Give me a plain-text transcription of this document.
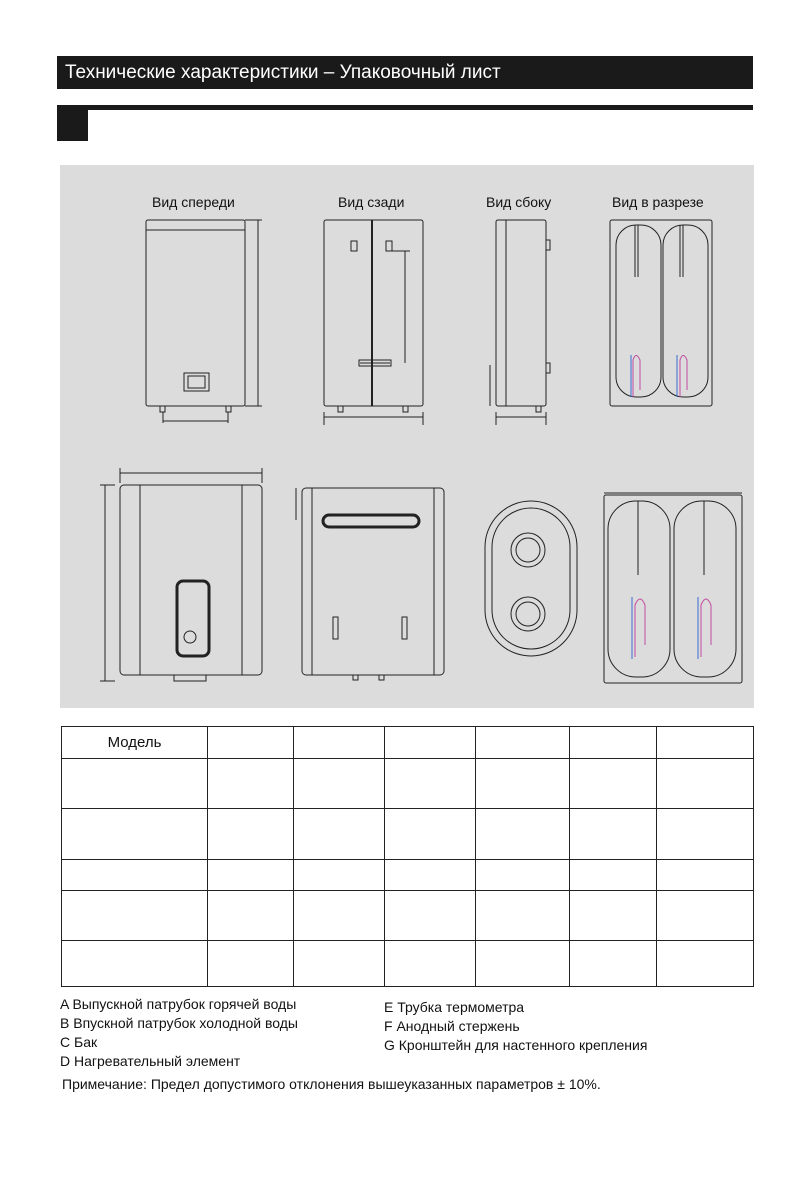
Технические характеристики – Упаковочный лист
Вид спереди	Вид сзади	Вид сбоку	Вид в разрезе
Модель						

A Выпускной патрубок горячей воды
B Впускной патрубок холодной воды
C Бак
D Нагревательный элемент
E Трубка термометра
F Анодный стержень
G Кронштейн для настенного крепления
Примечание: Предел допустимого отклонения вышеуказанных параметров ± 10%.
